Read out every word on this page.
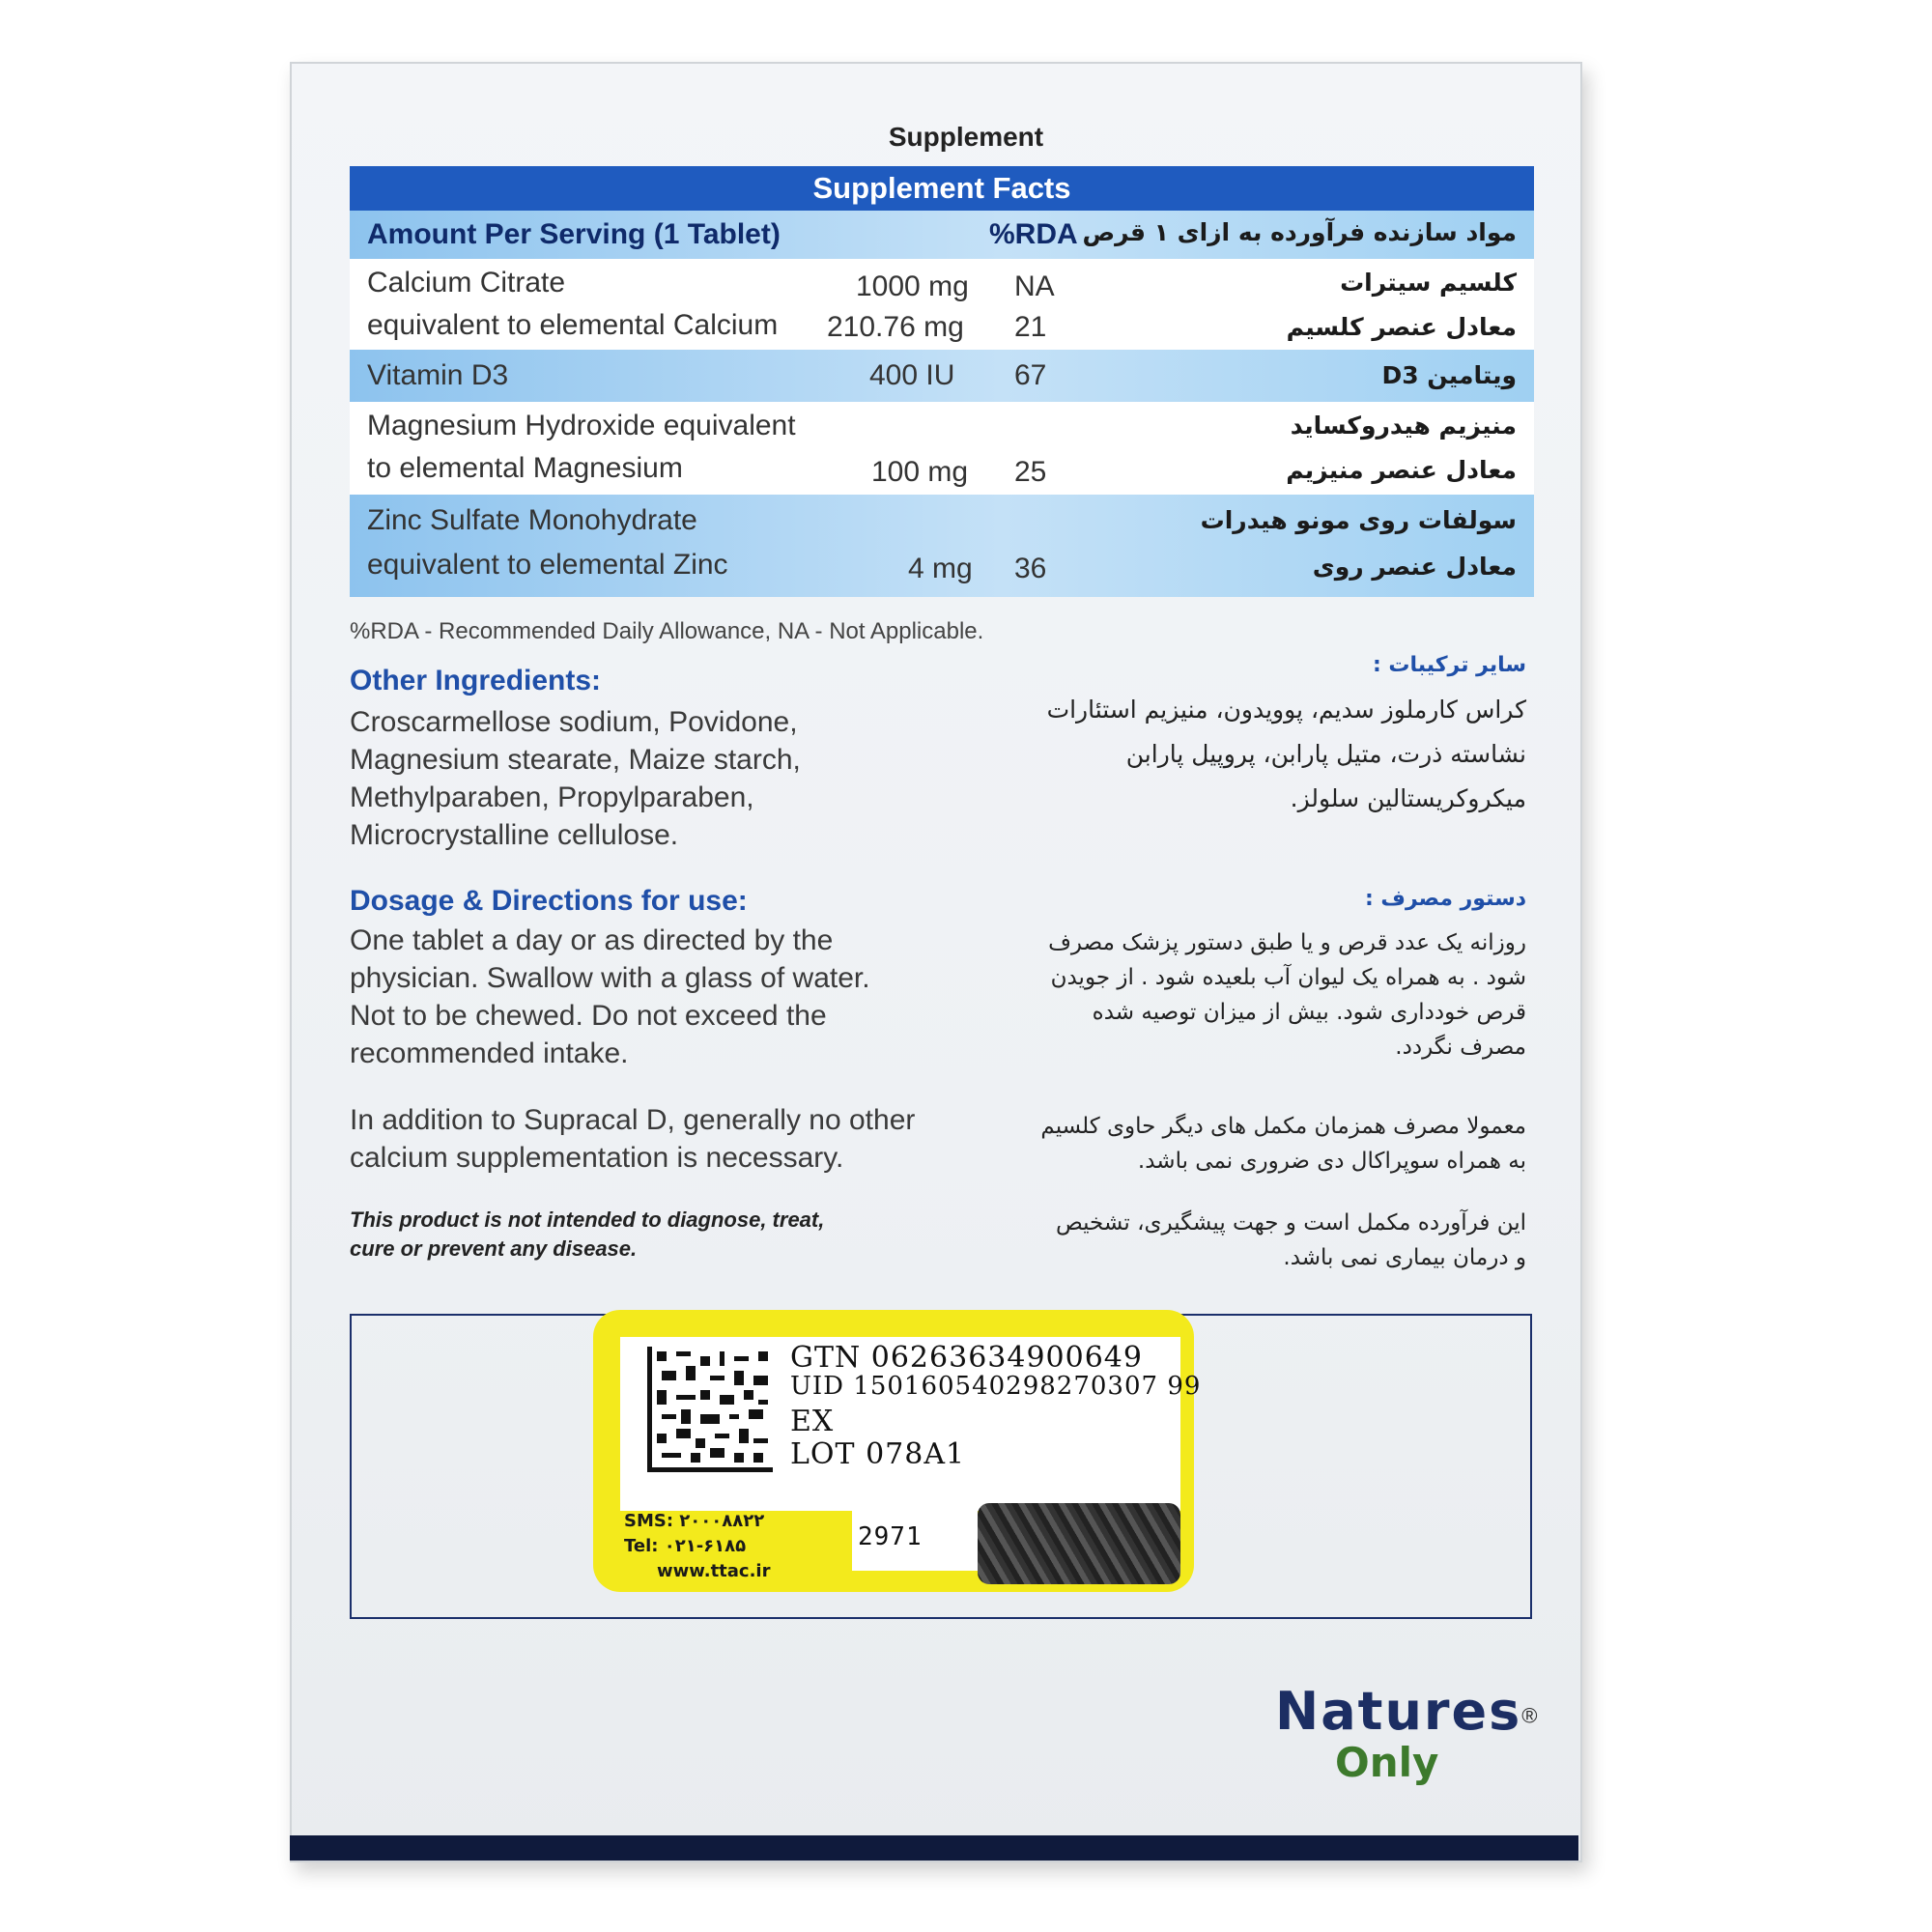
Supplement
Supplement Facts
Amount Per Serving (1 Tablet)	%RDA مواد سازنده فرآورده به ازای ۱ قرص
Calcium Citrate	1000 mg NA	کلسیم سیترات
equivalent to elemental Calcium 210.76 mg 21	معادل عنصر کلسیم
Vitamin D3	400 IU 67	ویتامین D3
Magnesium Hydroxide equivalent	منیزیم هیدروکساید
to elemental Magnesium	100 mg 25	معادل عنصر منیزیم
Zinc Sulfate Monohydrate	سولفات روی مونو هیدرات
equivalent to elemental Zinc	4 mg 36	معادل عنصر روی
%RDA - Recommended Daily Allowance, NA - Not Applicable.
Other Ingredients:
Croscarmellose sodium, Povidone,
Magnesium stearate, Maize starch,
Methylparaben, Propylparaben,
Microcrystalline cellulose.
سایر ترکیبات :
کراس کارملوز سدیم، پوویدون، منیزیم استئارات
نشاسته ذرت، متیل پارابن، پروپیل پارابن
میکروکریستالین سلولز.
Dosage & Directions for use:
One tablet a day or as directed by the
physician. Swallow with a glass of water.
Not to be chewed. Do not exceed the
recommended intake.
دستور مصرف :
روزانه یک عدد قرص و یا طبق دستور پزشک مصرف
شود . به همراه یک لیوان آب بلعیده شود . از جویدن
قرص خودداری شود. بیش از میزان توصیه شده
مصرف نگردد.
In addition to Supracal D, generally no other
calcium supplementation is necessary.
معمولا مصرف همزمان مکمل های دیگر حاوی کلسیم
به همراه سوپراکال دی ضروری نمی باشد.
This product is not intended to diagnose, treat,
cure or prevent any disease.
این فرآورده مکمل است و جهت پیشگیری، تشخیص
و درمان بیماری نمی باشد.
GTN 06263634900649
UID 150160540298270307 99
EX
LOT 078A1
SMS: ۲۰۰۰۸۸۲۲
Tel: ۰۲۱-۶۱۸۵
www.ttac.ir
2971
Natures®
Only
